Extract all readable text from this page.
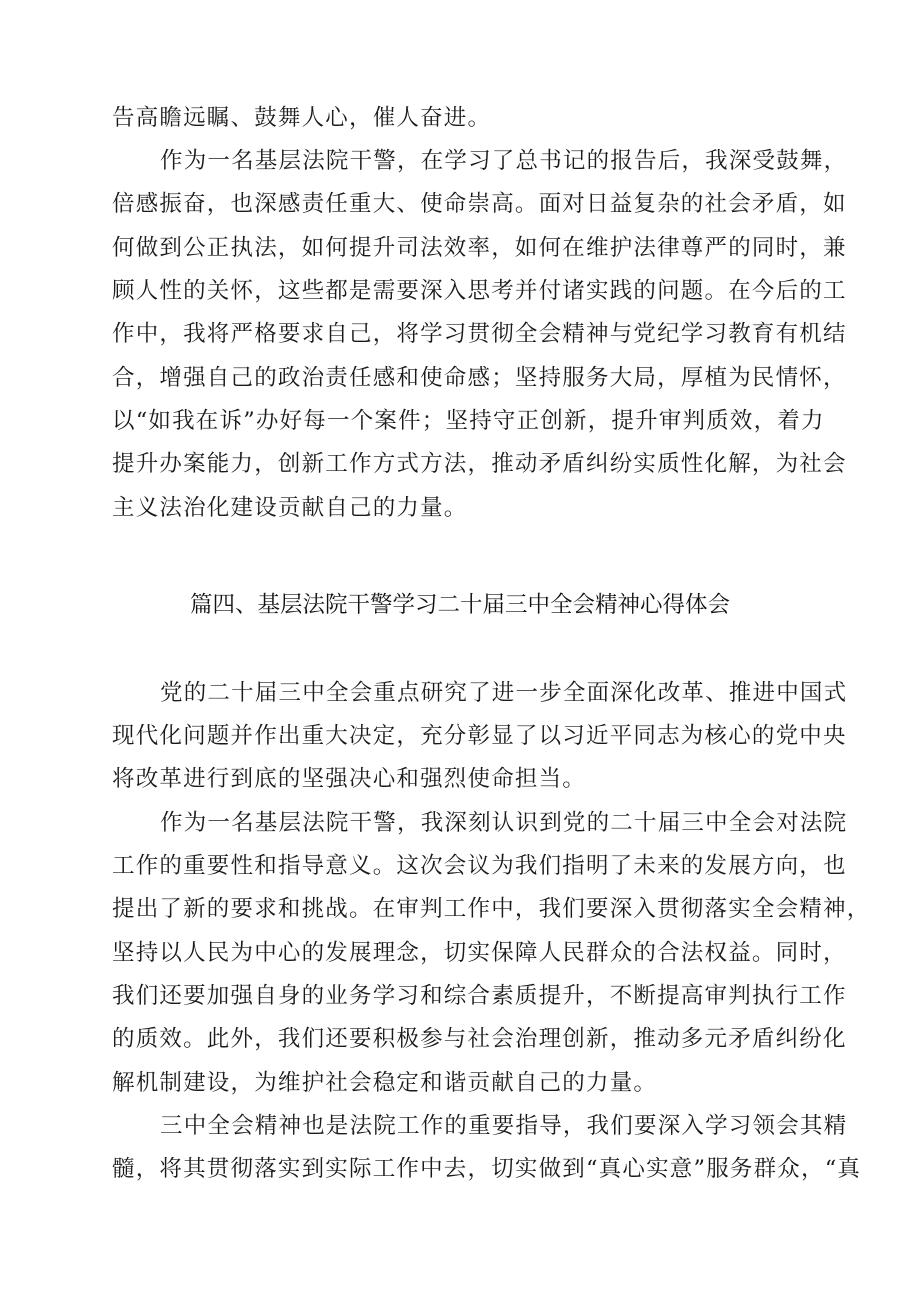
告高瞻远瞩、鼓舞人心，催人奋进。
作为一名基层法院干警，在学习了总书记的报告后，我深受鼓舞，
倍感振奋，也深感责任重大、使命崇高。面对日益复杂的社会矛盾，如
何做到公正执法，如何提升司法效率，如何在维护法律尊严的同时，兼
顾人性的关怀，这些都是需要深入思考并付诸实践的问题。在今后的工
作中，我将严格要求自己，将学习贯彻全会精神与党纪学习教育有机结
合，增强自己的政治责任感和使命感；坚持服务大局，厚植为民情怀，
以“如我在诉”办好每一个案件；坚持守正创新，提升审判质效，着力
提升办案能力，创新工作方式方法，推动矛盾纠纷实质性化解，为社会
主义法治化建设贡献自己的力量。
篇四、基层法院干警学习二十届三中全会精神心得体会
党的二十届三中全会重点研究了进一步全面深化改革、推进中国式
现代化问题并作出重大决定，充分彰显了以习近平同志为核心的党中央
将改革进行到底的坚强决心和强烈使命担当。
作为一名基层法院干警，我深刻认识到党的二十届三中全会对法院
工作的重要性和指导意义。这次会议为我们指明了未来的发展方向，也
提出了新的要求和挑战。在审判工作中，我们要深入贯彻落实全会精神，
坚持以人民为中心的发展理念，切实保障人民群众的合法权益。同时，
我们还要加强自身的业务学习和综合素质提升，不断提高审判执行工作
的质效。此外，我们还要积极参与社会治理创新，推动多元矛盾纠纷化
解机制建设，为维护社会稳定和谐贡献自己的力量。
三中全会精神也是法院工作的重要指导，我们要深入学习领会其精
髓，将其贯彻落实到实际工作中去，切实做到“真心实意”服务群众，“真
